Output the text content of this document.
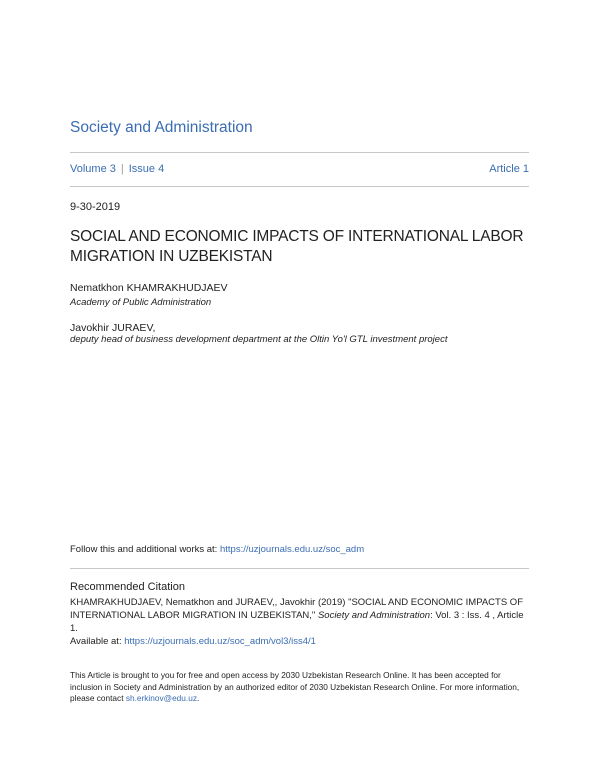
Society and Administration
Volume 3 | Issue 4	Article 1
9-30-2019
SOCIAL AND ECONOMIC IMPACTS OF INTERNATIONAL LABOR MIGRATION IN UZBEKISTAN
Nematkhon KHAMRAKHUDJAEV
Academy of Public Administration
Javokhir JURAEV,
deputy head of business development department at the Oltin Yo'l GTL investment project
Follow this and additional works at: https://uzjournals.edu.uz/soc_adm
Recommended Citation
KHAMRAKHUDJAEV, Nematkhon and JURAEV,, Javokhir (2019) "SOCIAL AND ECONOMIC IMPACTS OF INTERNATIONAL LABOR MIGRATION IN UZBEKISTAN," Society and Administration: Vol. 3 : Iss. 4 , Article 1.
Available at: https://uzjournals.edu.uz/soc_adm/vol3/iss4/1
This Article is brought to you for free and open access by 2030 Uzbekistan Research Online. It has been accepted for inclusion in Society and Administration by an authorized editor of 2030 Uzbekistan Research Online. For more information, please contact sh.erkinov@edu.uz.
